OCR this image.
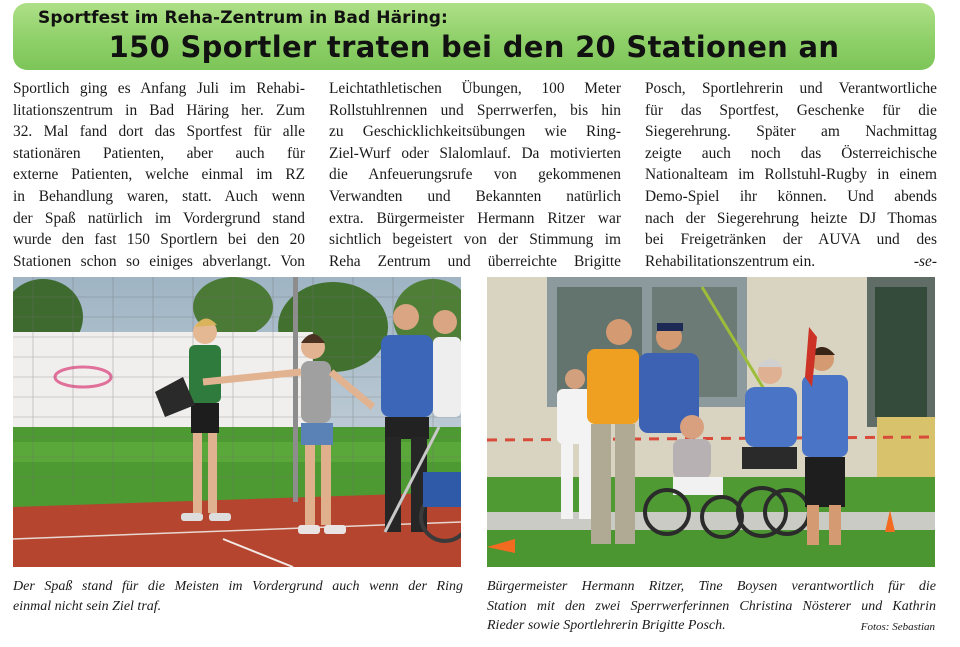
Sportfest im Reha-Zentrum in Bad Häring:
150 Sportler traten bei den 20 Stationen an
Sportlich ging es Anfang Juli im Rehabi-
litationszentrum in Bad Häring her. Zum
32. Mal fand dort das Sportfest für alle
stationären Patienten, aber auch für
externe Patienten, welche einmal im RZ
in Behandlung waren, statt. Auch wenn
der Spaß natürlich im Vordergrund stand
wurde den fast 150 Sportlern bei den 20
Stationen schon so einiges abverlangt. Von
Leichtathletischen Übungen, 100 Meter
Rollstuhlrennen und Sperrwerfen, bis hin
zu Geschicklichkeitsübungen wie Ring-
Ziel-Wurf oder Slalomlauf. Da motivierten
die Anfeuerungsrufe von gekommenen
Verwandten und Bekannten natürlich
extra. Bürgermeister Hermann Ritzer war
sichtlich begeistert von der Stimmung im
Reha Zentrum und überreichte Brigitte
Posch, Sportlehrerin und Verantwortliche
für das Sportfest, Geschenke für die
Siegerehrung. Später am Nachmittag
zeigte auch noch das Österreichische
Nationalteam im Rollstuhl-Rugby in einem
Demo-Spiel ihr können. Und abends
nach der Siegerehrung heizte DJ Thomas
bei Freigetränken der AUVA und des
Rehabilitationszentrum ein.	-se-
Der Spaß stand für die Meisten im Vordergrund auch wenn der Ring
einmal nicht sein Ziel traf.
Bürgermeister Hermann Ritzer, Tine Boysen verantwortlich für die
Station mit den zwei Sperrwerferinnen Christina Nösterer und Kathrin
Rieder sowie Sportlehrerin Brigitte Posch.	Fotos: Sebastian
